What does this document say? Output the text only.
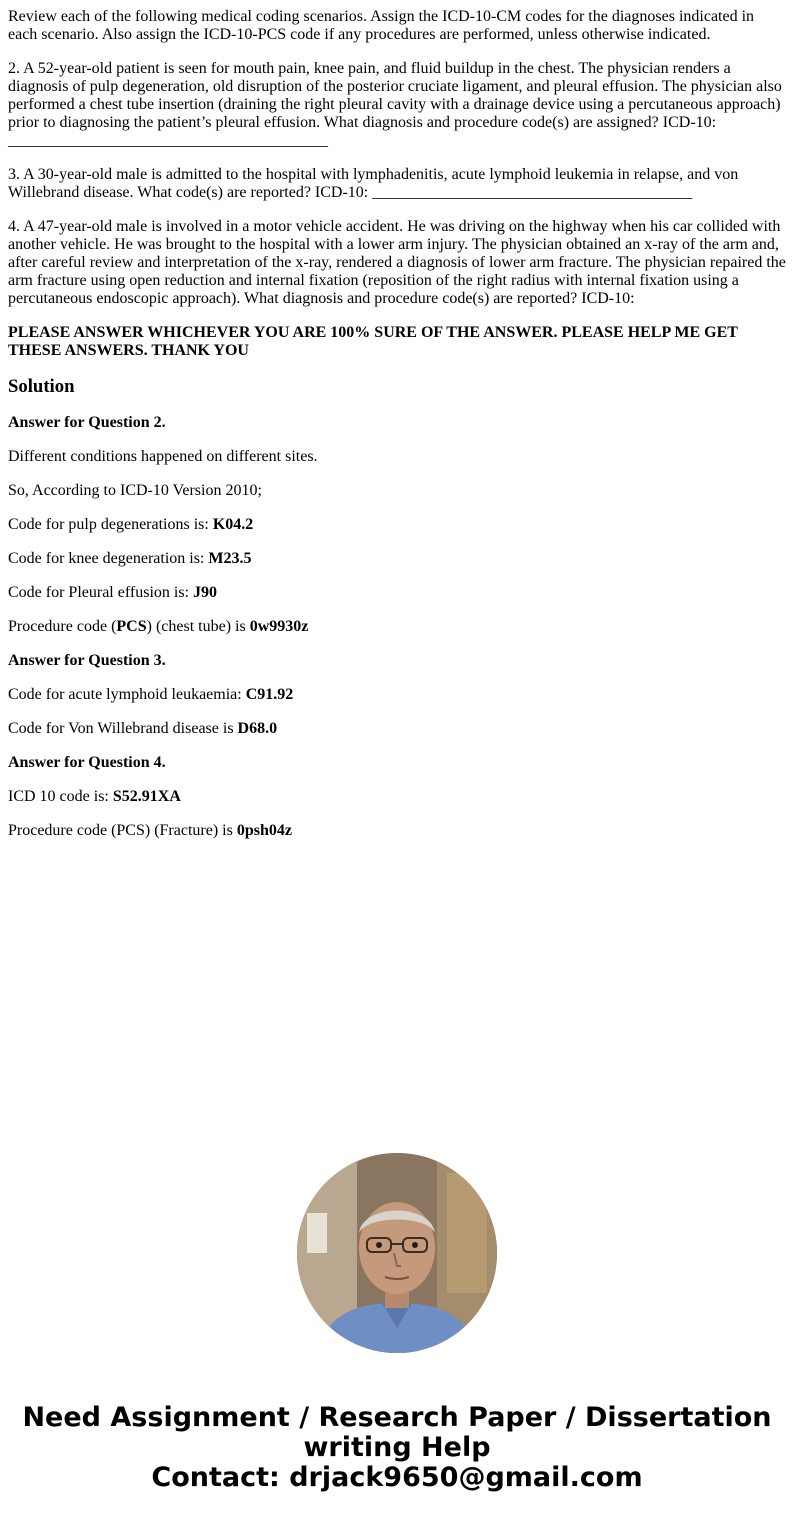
Review each of the following medical coding scenarios. Assign the ICD-10-CM codes for the diagnoses indicated in each scenario. Also assign the ICD-10-PCS code if any procedures are performed, unless otherwise indicated.

2. A 52-year-old patient is seen for mouth pain, knee pain, and fluid buildup in the chest. The physician renders a diagnosis of pulp degeneration, old disruption of the posterior cruciate ligament, and pleural effusion. The physician also performed a chest tube insertion (draining the right pleural cavity with a drainage device using a percutaneous approach) prior to diagnosing the patient’s pleural effusion. What diagnosis and procedure code(s) are assigned? ICD-10: ________________________________________

3. A 30-year-old male is admitted to the hospital with lymphadenitis, acute lymphoid leukemia in relapse, and von Willebrand disease. What code(s) are reported? ICD-10: ________________________________________

4. A 47-year-old male is involved in a motor vehicle accident. He was driving on the highway when his car collided with another vehicle. He was brought to the hospital with a lower arm injury. The physician obtained an x-ray of the arm and, after careful review and interpretation of the x-ray, rendered a diagnosis of lower arm fracture. The physician repaired the arm fracture using open reduction and internal fixation (reposition of the right radius with internal fixation using a percutaneous endoscopic approach). What diagnosis and procedure code(s) are reported? ICD-10:

PLEASE ANSWER WHICHEVER YOU ARE 100% SURE OF THE ANSWER. PLEASE HELP ME GET THESE ANSWERS. THANK YOU

Solution

Answer for Question 2.

Different conditions happened on different sites.

So, According to ICD-10 Version 2010;

Code for pulp degenerations is: K04.2

Code for knee degeneration is: M23.5

Code for Pleural effusion is: J90

Procedure code (PCS) (chest tube) is 0w9930z

Answer for Question 3.

Code for acute lymphoid leukaemia: C91.92

Code for Von Willebrand disease is D68.0

Answer for Question 4.

ICD 10 code is: S52.91XA

Procedure code (PCS) (Fracture) is 0psh04z

Need Assignment / Research Paper / Dissertation
writing Help
Contact: drjack9650@gmail.com
